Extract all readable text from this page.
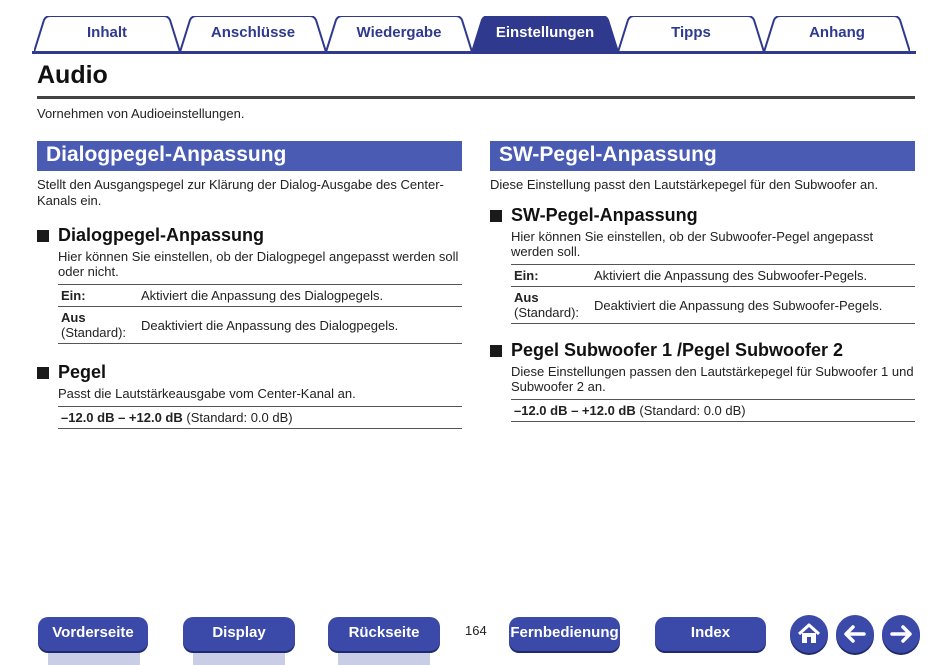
Inhalt	Anschlüsse	Wiedergabe	Einstellungen	Tipps	Anhang
Audio
Vornehmen von Audioeinstellungen.
Dialogpegel-Anpassung
Stellt den Ausgangspegel zur Klärung der Dialog-Ausgabe des Center-Kanals ein.
Dialogpegel-Anpassung
Hier können Sie einstellen, ob der Dialogpegel angepasst werden soll oder nicht.
Ein:	Aktiviert die Anpassung des Dialogpegels.
Aus
(Standard):	Deaktiviert die Anpassung des Dialogpegels.
Pegel
Passt die Lautstärkeausgabe vom Center-Kanal an.
–12.0 dB – +12.0 dB (Standard: 0.0 dB)
SW-Pegel-Anpassung
Diese Einstellung passt den Lautstärkepegel für den Subwoofer an.
SW-Pegel-Anpassung
Hier können Sie einstellen, ob der Subwoofer-Pegel angepasst werden soll.
Ein:	Aktiviert die Anpassung des Subwoofer-Pegels.
Aus
(Standard):	Deaktiviert die Anpassung des Subwoofer-Pegels.
Pegel Subwoofer 1 /Pegel Subwoofer 2
Diese Einstellungen passen den Lautstärkepegel für Subwoofer 1 und Subwoofer 2 an.
–12.0 dB – +12.0 dB (Standard: 0.0 dB)
Vorderseite	Display	Rückseite	164 Fernbedienung	Index
